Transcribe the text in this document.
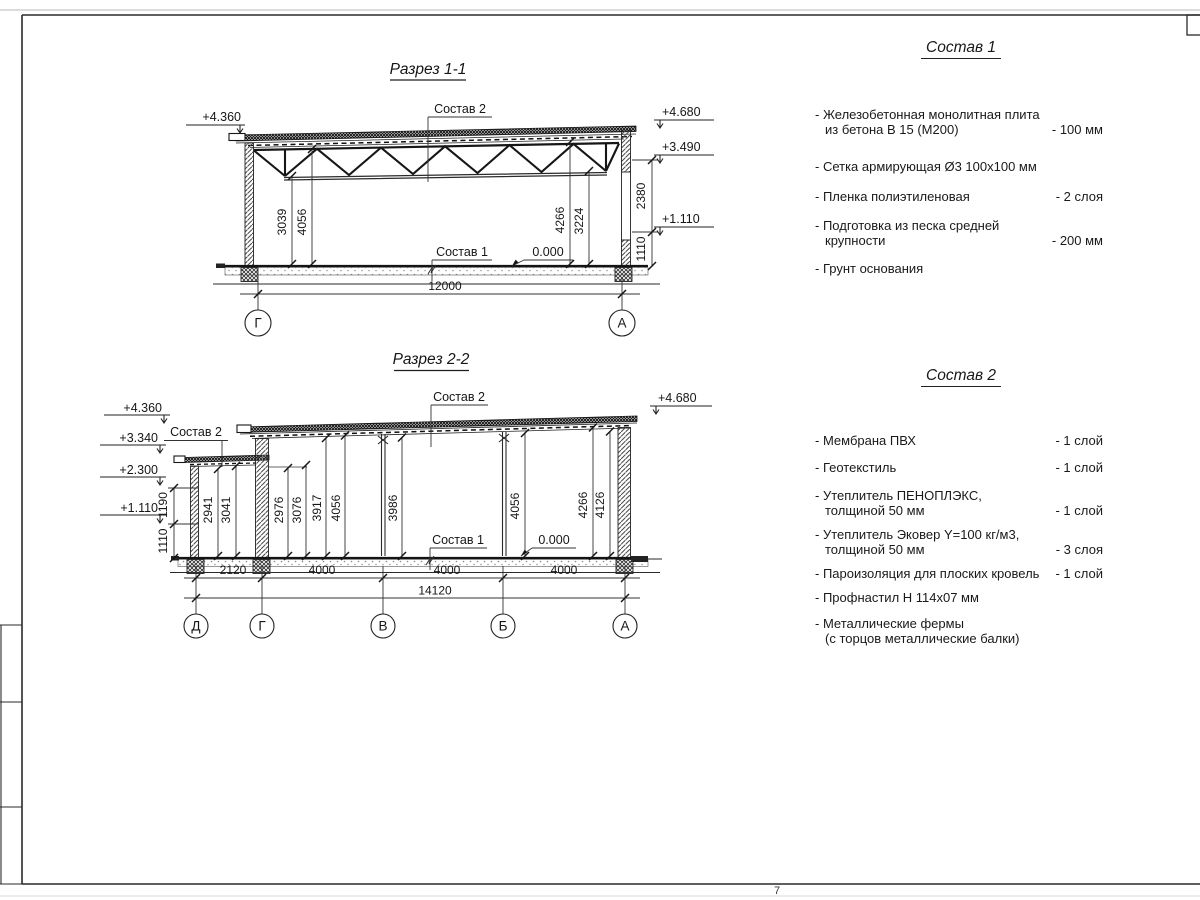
7
Разрез 1-1
3039 4056	4266 3224
2380
1110
12000
Г	А
Состав 2
Состав 1	0.000
+4.360	+4.680
+3.490
+1.110
Разрез 2-2
2941 3041	2976 3076 3917 4056	3986	4056	4266 4126
1190
1110
2120	4000	4000	4000
14120
Д	Г	В	Б	А
Состав 2
Состав 2
Состав 1	0.000
+4.360
+3.340
+2.300
+1.110
+4.680
Состав 1
- Железобетонная монолитная плита
из бетона В 15 (М200)	- 100 мм
- Сетка армирующая Ø3 100х100 мм
- Пленка полиэтиленовая	- 2 слоя
- Подготовка из песка средней
крупности	- 200 мм
- Грунт основания
Состав 2
- Мембрана ПВХ	- 1 слой
- Геотекстиль	- 1 слой
- Утеплитель ПЕНОПЛЭКС,
толщиной 50 мм	- 1 слой
- Утеплитель Эковер Y=100 кг/м3,
толщиной 50 мм	- 3 слоя
- Пароизоляция для плоских кровель	- 1 слой
- Профнастил Н 114х07 мм
- Металлические фермы
(с торцов металлические балки)
